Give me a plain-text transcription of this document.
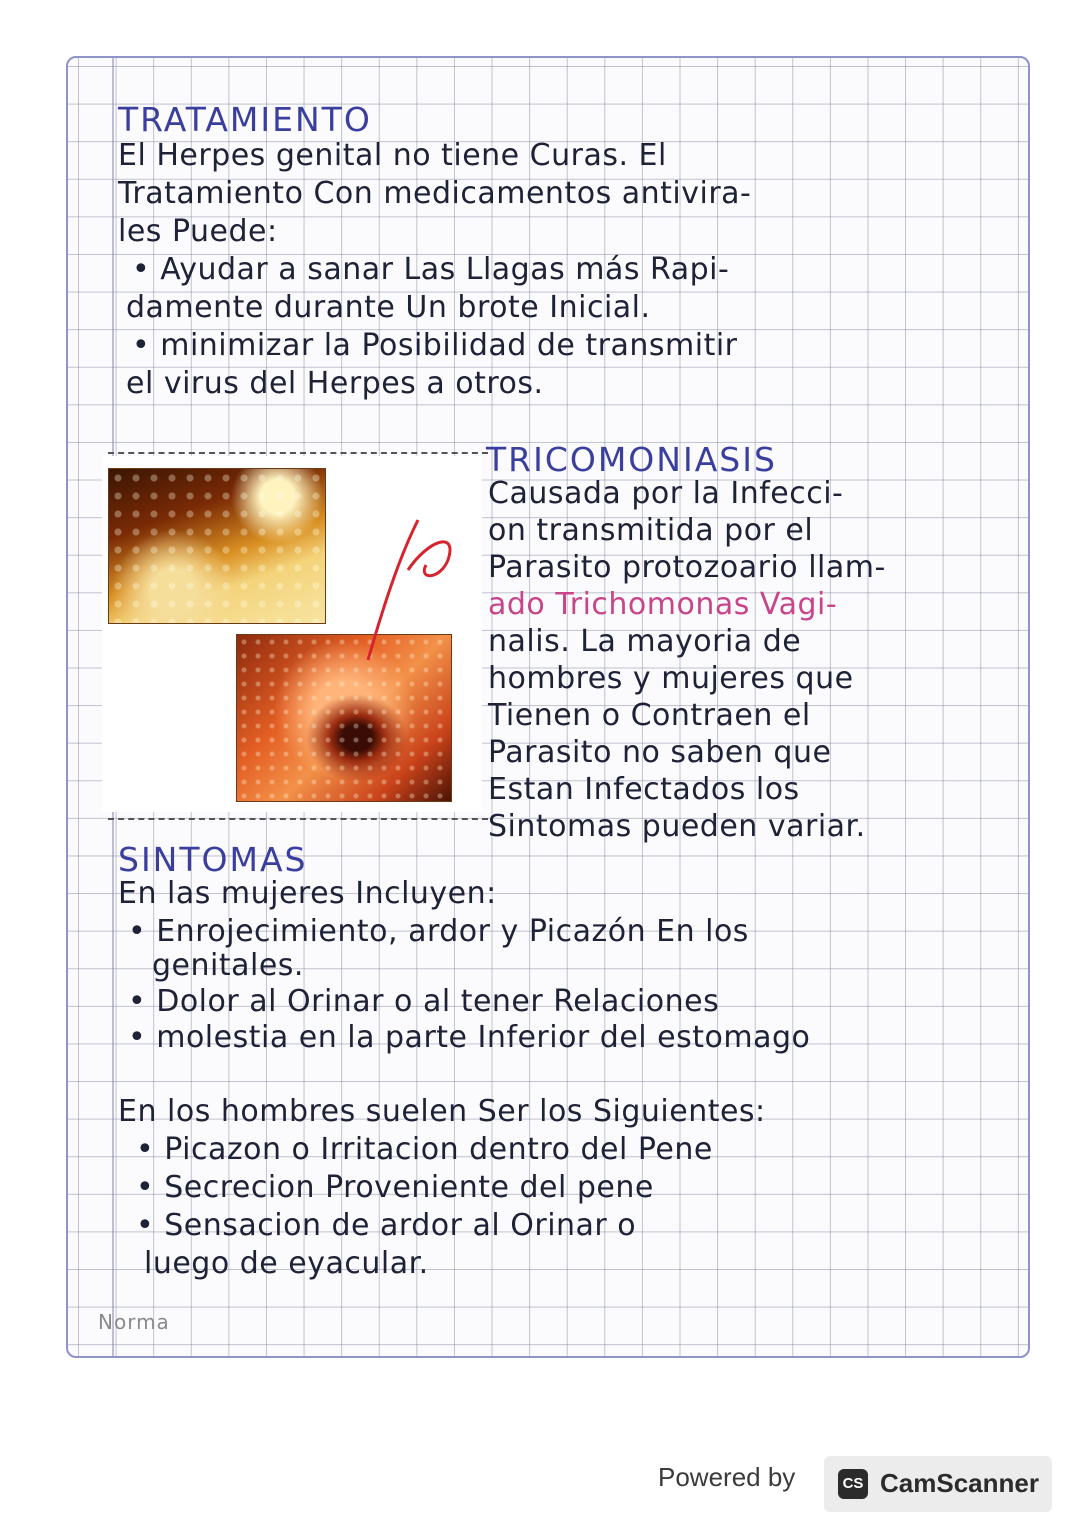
TRATAMIENTO
El Herpes genital no tiene Curas. El
Tratamiento Con medicamentos antivira-
les Puede:
• Ayudar a sanar Las Llagas más Rapi-
damente durante Un brote Inicial.
• minimizar la Posibilidad de transmitir
el virus del Herpes a otros.
TRICOMONIASIS
Causada por la Infecci-
on transmitida por el
Parasito protozoario llam-
ado Trichomonas Vagi-
nalis. La mayoria de
hombres y mujeres que
Tienen o Contraen el
Parasito no saben que
Estan Infectados los
Sintomas pueden variar.
SINTOMAS
En las mujeres Incluyen:
• Enrojecimiento, ardor y Picazón En los
genitales.
• Dolor al Orinar o al tener Relaciones
• molestia en la parte Inferior del estomago
En los hombres suelen Ser los Siguientes:
• Picazon o Irritacion dentro del Pene
• Secrecion Proveniente del pene
• Sensacion de ardor al Orinar o
luego de eyacular.
Norma
Powered by	CS CamScanner
